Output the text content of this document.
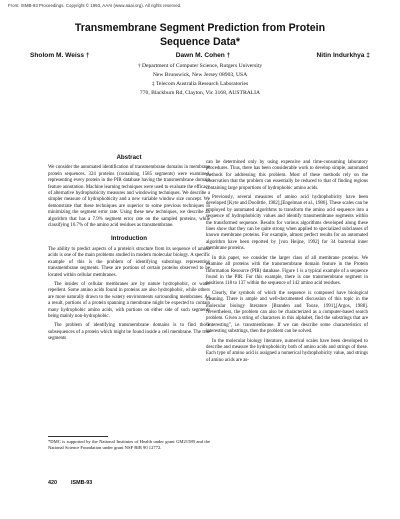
From: ISMB-93 Proceedings. Copyright © 1993, AAAI (www.aaai.org). All rights reserved.
Transmembrane Segment Prediction from Protein
Sequence Data*
Sholom M. Weiss †	Dawn M. Cohen †	Nitin Indurkhya ‡
† Department of Computer Science, Rutgers University
New Brunswick, New Jersey 08903, USA
‡ Telecom Australia Research Laboratories
770, Blackburn Rd, Clayton, Vic 3168, AUSTRALIA
Abstract

We consider the automated identification of transmembrane domains in membrane protein sequences. 324 proteins (containing 1585 segments) were examined, representing every protein in the PIR database having the transmembrane domain feature annotation. Machine learning techniques were used to evaluate the efficacy of alternative hydrophobicity measures and windowing techniques. We describe a simpler measure of hydrophobicity and a new variable window size concept. We demonstrate that these techniques are superior to some previous techniques in minimizing the segment error rate. Using these new techniques, we describe an algorithm that has a 7.9% segment error rate on the sampled proteins, while classifying 16.7% of the amino acid residues as transmembrane.

Introduction

The ability to predict aspects of a protein's structure from its sequence of amino acids is one of the main problems studied in modern molecular biology. A specific example of this is the problem of identifying substrings representing transmembrane segments. These are portions of certain proteins observed to be located within cellular membranes.

The insides of cellular membranes are by nature hydrophobic, or water repellent. Some amino acids found in proteins are also hydrophobic, while others are more naturally drawn to the watery environments surrounding membranes. As a result, portions of a protein spanning a membrane might be expected to contain many hydrophobic amino acids, with portions on either side of such segments being mainly non-hydrophobic.

The problem of identifying transmembrane domains is to find those subsequences of a protein which might be found inside a cell membrane. The true segments

*DMC is supported by the National Institutes of Health under grant GM21589 and the National Science Foundation under grant NSF BIR 90 12772.

can be determined only by using expensive and time-consuming laboratory procedures. Thus, there has been considerable work to develop simple, automated methods for addressing this problem. Most of these methods rely on the observation that the problem can essentially be reduced to that of finding regions containing large proportions of hydrophobic amino acids.

Previously, several measures of amino acid hydrophobicity have been developed [Kyte and Doolittle, 1982],[Engelman et al., 1986]. These scales can be employed by automated algorithms to transform the amino acid sequence into a sequence of hydrophobicity values and identify transmembrane segments within the transformed sequence. Results for various algorithms developed along these lines show that they can be quite strong when applied to specialized subclasses of known membrane proteins. For example, almost perfect results for an automated algorithm have been reported by [von Heijne, 1992] for 34 bacterial inner membrane proteins.

In this paper, we consider the larger class of all membrane proteins. We examine all proteins with the transmembrane domain feature in the Protein Information Resource (PIR) database. Figure 1 is a typical example of a sequence found in the PIR. For this example, there is one transmembrane segment in positions 118 to 137 within the sequence of 142 amino acid residues.

Clearly, the symbols of which the sequence is composed have biological meaning. There is ample and well-documented discussion of this topic in the molecular biology literature [Branden and Tooze, 1991],[Argos, 1988]. Nevertheless, the problem can also be characterized as a computer-based search problem. Given a string of characters in this alphabet, find the substrings that are "interesting", i.e. transmembrane. If we can describe some characteristics of interesting substrings, then the problem can be solved.

In the molecular biology literature, numerical scales have been developed to describe and measure the hydrophobicity both of amino acids and strings of these. Each type of amino acid is assigned a numerical hydrophobicity value, and strings of amino acids are as-

420	ISMB-93
